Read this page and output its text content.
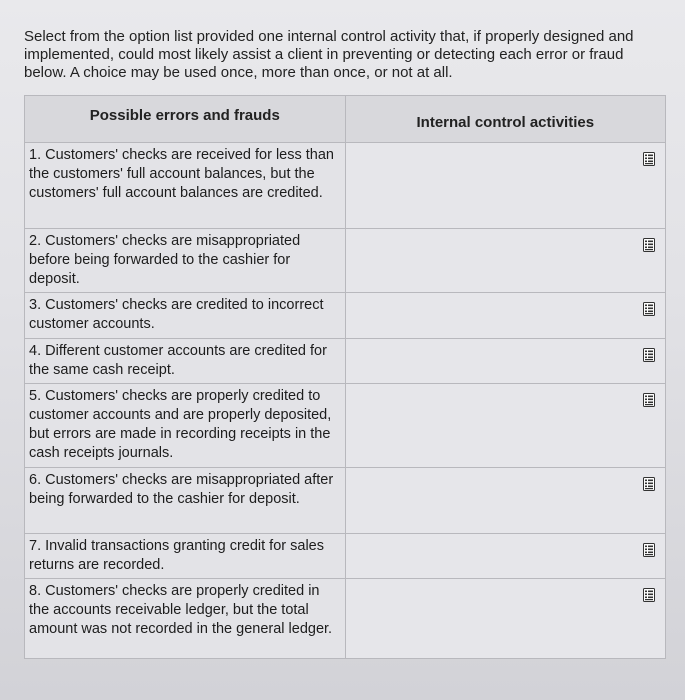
Select from the option list provided one internal control activity that, if properly designed and implemented, could most likely assist a client in preventing or detecting each error or fraud below. A choice may be used once, more than once, or not at all.
Possible errors and frauds	Internal control activities
1. Customers' checks are received for less than the customers' full account balances, but the customers' full account balances are credited.	

2. Customers' checks are misappropriated before being forwarded to the cashier for deposit.	

3. Customers' checks are credited to incorrect customer accounts.	

4. Different customer accounts are credited for the same cash receipt.	

5. Customers' checks are properly credited to customer accounts and are properly deposited, but errors are made in recording receipts in the cash receipts journals.	

6. Customers' checks are misappropriated after being forwarded to the cashier for deposit.	

7. Invalid transactions granting credit for sales returns are recorded.	

8. Customers' checks are properly credited in the accounts receivable ledger, but the total amount was not recorded in the general ledger.	
